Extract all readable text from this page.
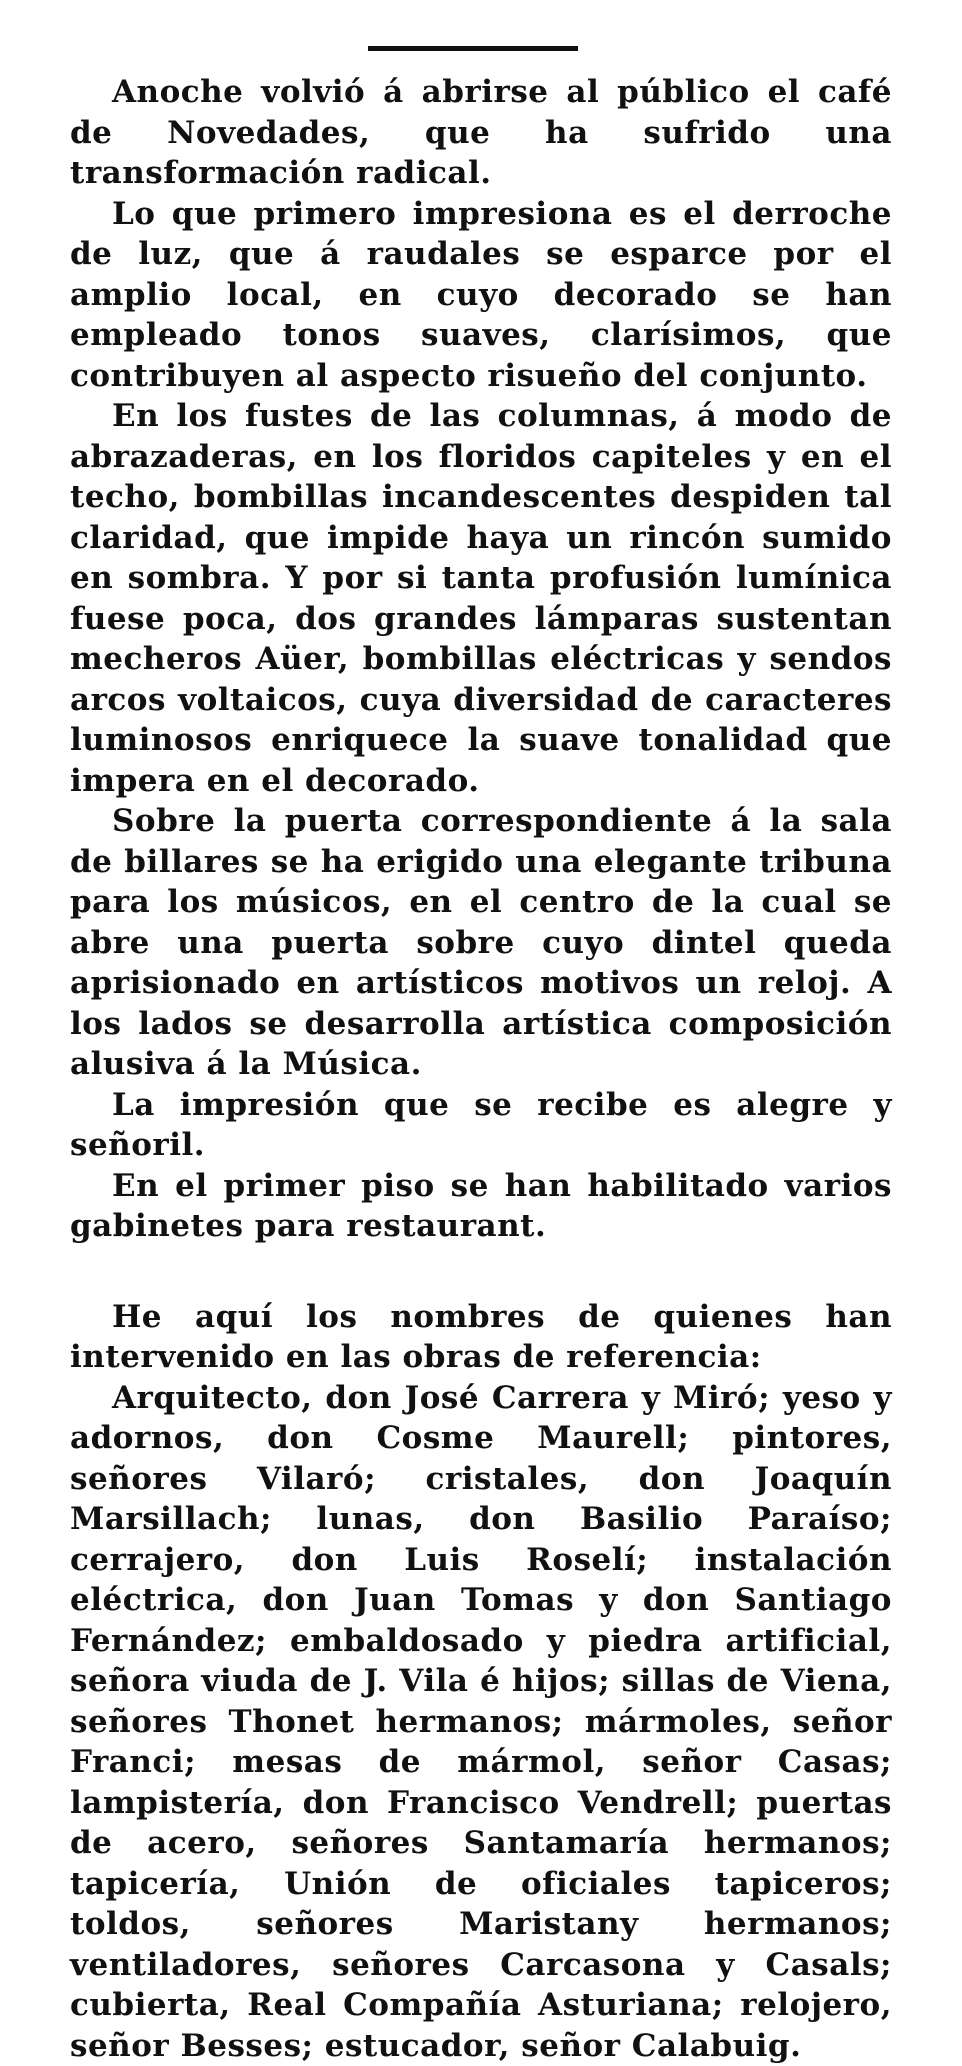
Anoche volvió á abrirse al público el café de Novedades, que ha sufrido una transformación radical.

Lo que primero impresiona es el derroche de luz, que á raudales se esparce por el amplio local, en cuyo decorado se han empleado tonos suaves, clarísimos, que contribuyen al aspecto risueño del conjunto.

En los fustes de las columnas, á modo de abrazaderas, en los floridos capiteles y en el techo, bombillas incandescentes despiden tal claridad, que impide haya un rincón sumido en sombra. Y por si tanta profusión lumínica fuese poca, dos grandes lámparas sustentan mecheros Aüer, bombillas eléctricas y sendos arcos voltaicos, cuya diversidad de caracteres luminosos enriquece la suave tonalidad que impera en el decorado.

Sobre la puerta correspondiente á la sala de billares se ha erigido una elegante tribuna para los músicos, en el centro de la cual se abre una puerta sobre cuyo dintel queda aprisionado en artísticos motivos un reloj. A los lados se desarrolla artística composición alusiva á la Música.

La impresión que se recibe es alegre y señoril.

En el primer piso se han habilitado varios gabinetes para restaurant.

He aquí los nombres de quienes han intervenido en las obras de referencia:

Arquitecto, don José Carrera y Miró; yeso y adornos, don Cosme Maurell; pintores, señores Vilaró; cristales, don Joaquín Marsillach; lunas, don Basilio Paraíso; cerrajero, don Luis Roselí; instalación eléctrica, don Juan Tomas y don Santiago Fernández; embaldosado y piedra artificial, señora viuda de J. Vila é hijos; sillas de Viena, señores Thonet hermanos; mármoles, señor Franci; mesas de mármol, señor Casas; lampistería, don Francisco Vendrell; puertas de acero, señores Santamaría hermanos; tapicería, Unión de oficiales tapiceros; toldos, señores Maristany hermanos; ventiladores, señores Carcasona y Casals; cubierta, Real Compañía Asturiana; relojero, señor Besses; estucador, señor Calabuig.
